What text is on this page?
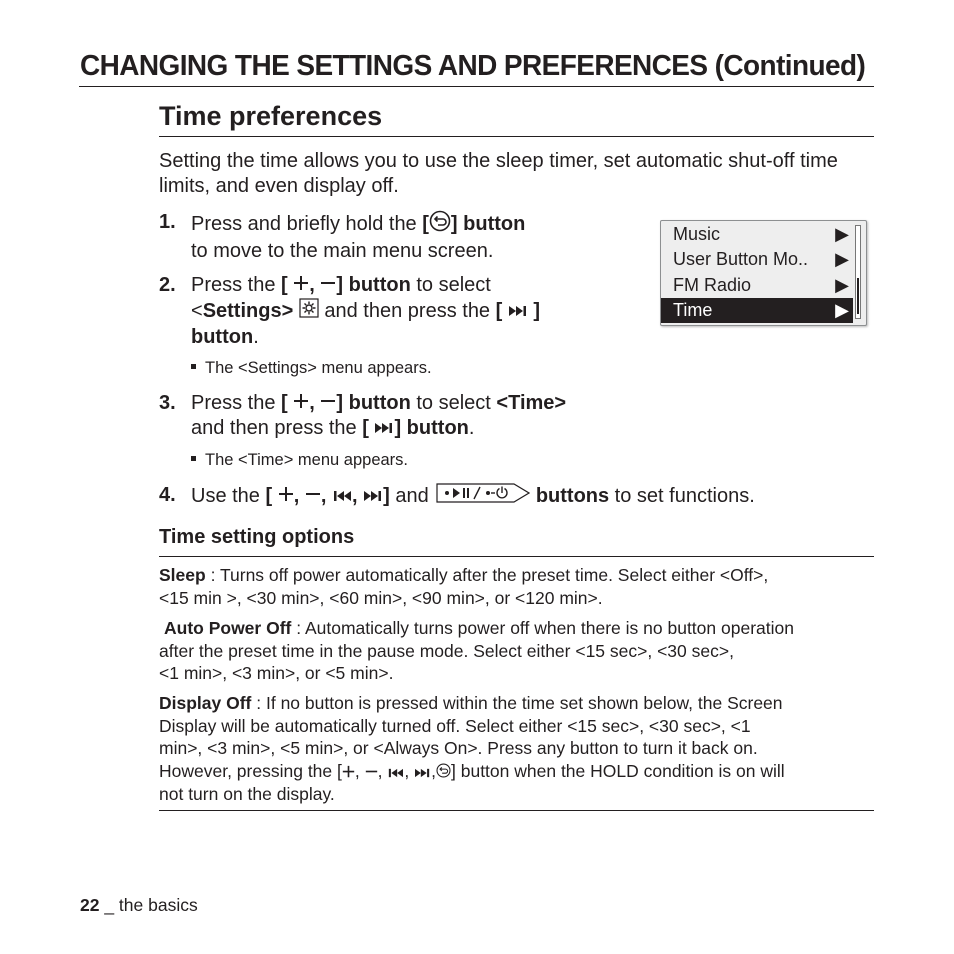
CHANGING THE SETTINGS AND PREFERENCES (Continued)
Time preferences
Setting the time allows you to use the sleep timer, set automatic shut-off time limits, and even display off.
1. Press and briefly hold the [ ] button
to move to the main menu screen.
2. Press the [ , ] button to select
<Settings>  and then press the [ ]
button.
The <Settings> menu appears.
Music	▶
User Button Mo.. ▶
FM Radio	▶
Time	▶
3. Press the [ , ] button to select <Time>
and then press the [ ] button.
The <Time> menu appears.
4. Use the [ , , , ] and	buttons to set functions.
Time setting options
Sleep : Turns off power automatically after the preset time. Select either <Off>,
<15 min >, <30 min>, <60 min>, <90 min>, or <120 min>.
Auto Power Off : Automatically turns power off when there is no button operation
after the preset time in the pause mode. Select either <15 sec>, <30 sec>,
<1 min>, <3 min>, or <5 min>.
Display Off : If no button is pressed within the time set shown below, the Screen
Display will be automatically turned off. Select either <15 sec>, <30 sec>, <1
min>, <3 min>, <5 min>, or <Always On>. Press any button to turn it back on.
However, pressing the [ , , , , ] button when the HOLD condition is on will
not turn on the display.
22 _ the basics
